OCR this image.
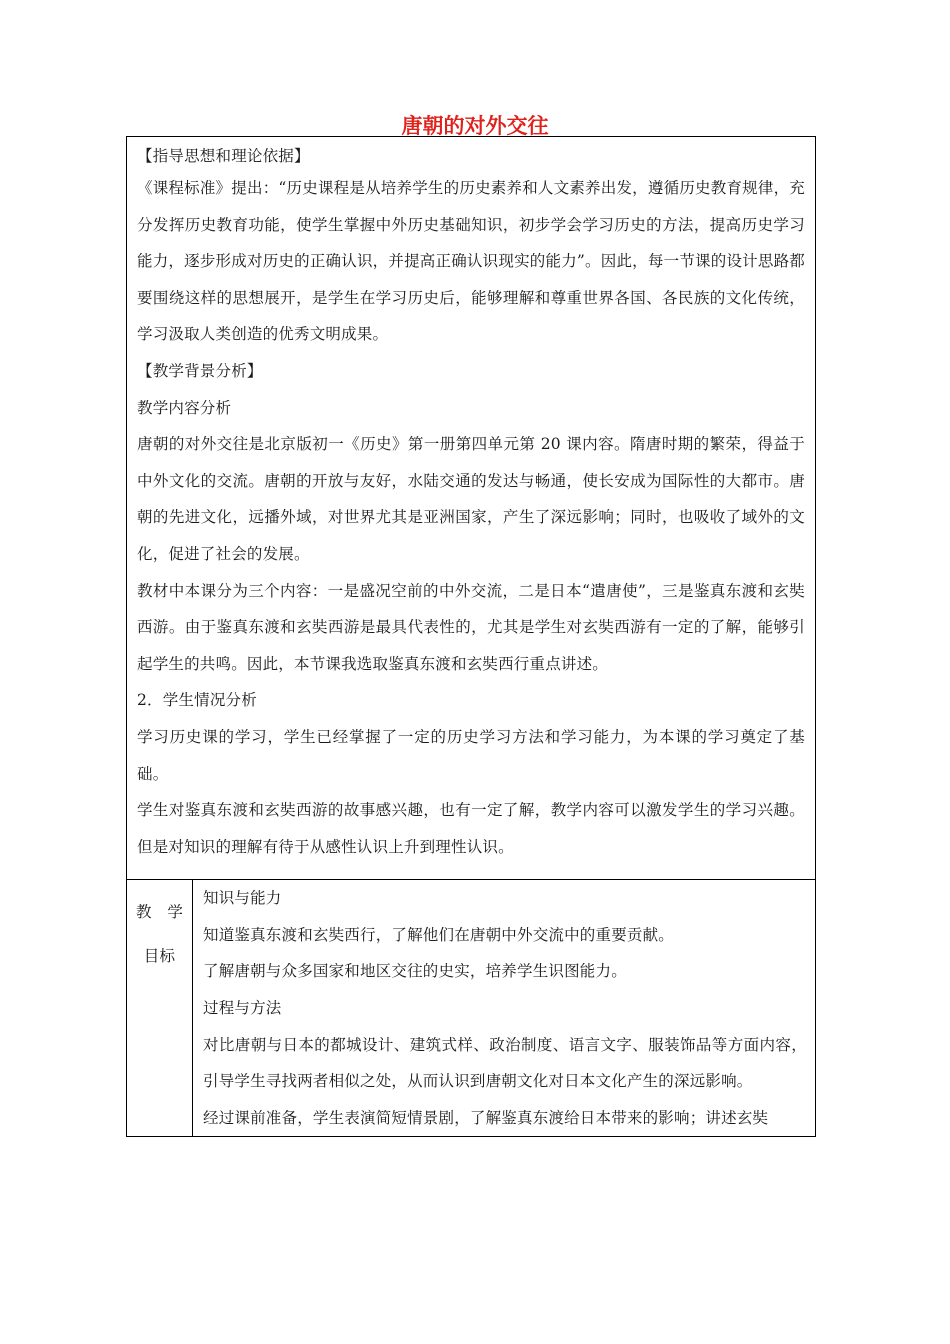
唐朝的对外交往

【指导思想和理论依据】

《课程标准》提出：“历史课程是从培养学生的历史素养和人文素养出发，遵循历史教育规律，充分发挥历史教育功能，使学生掌握中外历史基础知识，初步学会学习历史的方法，提高历史学习能力，逐步形成对历史的正确认识，并提高正确认识现实的能力”。因此，每一节课的设计思路都要围绕这样的思想展开，是学生在学习历史后，能够理解和尊重世界各国、各民族的文化传统，学习汲取人类创造的优秀文明成果。

【教学背景分析】

教学内容分析

唐朝的对外交往是北京版初一《历史》第一册第四单元第 20 课内容。隋唐时期的繁荣，得益于中外文化的交流。唐朝的开放与友好，水陆交通的发达与畅通，使长安成为国际性的大都市。唐朝的先进文化，远播外域，对世界尤其是亚洲国家，产生了深远影响；同时，也吸收了域外的文化，促进了社会的发展。

教材中本课分为三个内容：一是盛况空前的中外交流，二是日本“遣唐使”，三是鉴真东渡和玄奘西游。由于鉴真东渡和玄奘西游是最具代表性的，尤其是学生对玄奘西游有一定的了解，能够引起学生的共鸣。因此，本节课我选取鉴真东渡和玄奘西行重点讲述。

2．学生情况分析

学习历史课的学习，学生已经掌握了一定的历史学习方法和学习能力，为本课的学习奠定了基础。

学生对鉴真东渡和玄奘西游的故事感兴趣，也有一定了解，教学内容可以激发学生的学习兴趣。但是对知识的理解有待于从感性认识上升到理性认识。

教　学

目标

知识与能力

知道鉴真东渡和玄奘西行，了解他们在唐朝中外交流中的重要贡献。

了解唐朝与众多国家和地区交往的史实，培养学生识图能力。

过程与方法

对比唐朝与日本的都城设计、建筑式样、政治制度、语言文字、服装饰品等方面内容，引导学生寻找两者相似之处，从而认识到唐朝文化对日本文化产生的深远影响。

经过课前准备，学生表演简短情景剧，了解鉴真东渡给日本带来的影响；讲述玄奘
